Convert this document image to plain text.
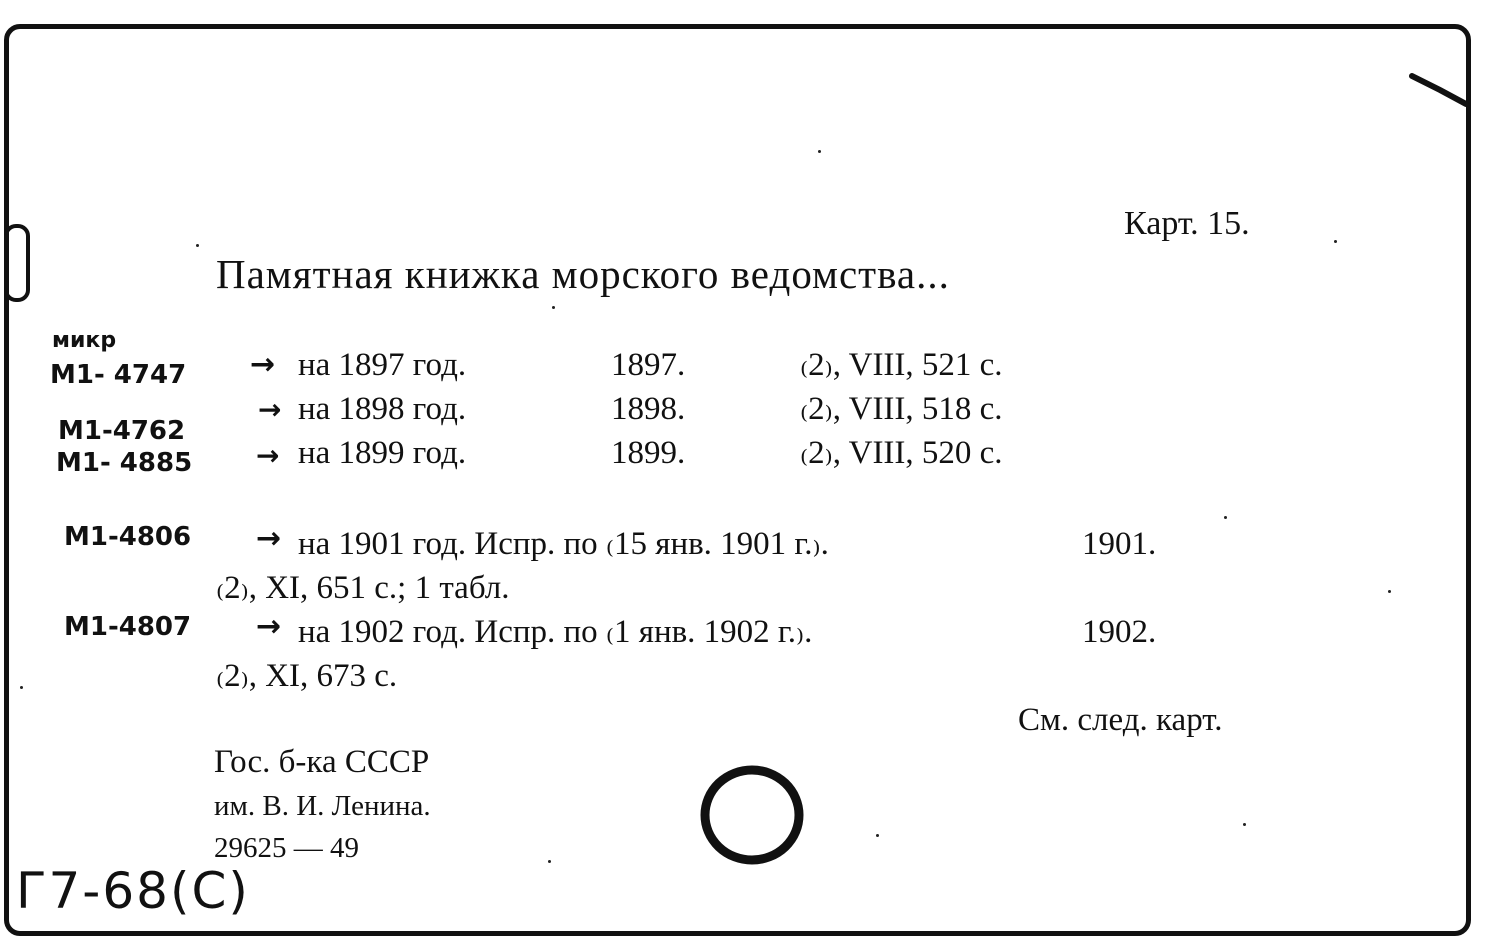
Карт. 15.
Памятная книжка морского ведомства...
на 1897 год.	1897.	₍2₎, VIII, 521 с.
на 1898 год.	1898.	₍2₎, VIII, 518 с.
на 1899 год.	1899.	₍2₎, VIII, 520 с.
на 1901 год. Испр. по ₍15 янв. 1901 г.₎.	1901.
₍2₎, XI, 651 с.; 1 табл.
на 1902 год. Испр. по ₍1 янв. 1902 г.₎.	1902.
₍2₎, XI, 673 с.
См. след. карт.
Гос. б-ка СССР
им. В. И. Ленина.
29625 — 49
микр
М1- 4747 →
М1-4762
→
М1- 4885 →
М1-4806 →
М1-4807 →
Г7-68(С)
